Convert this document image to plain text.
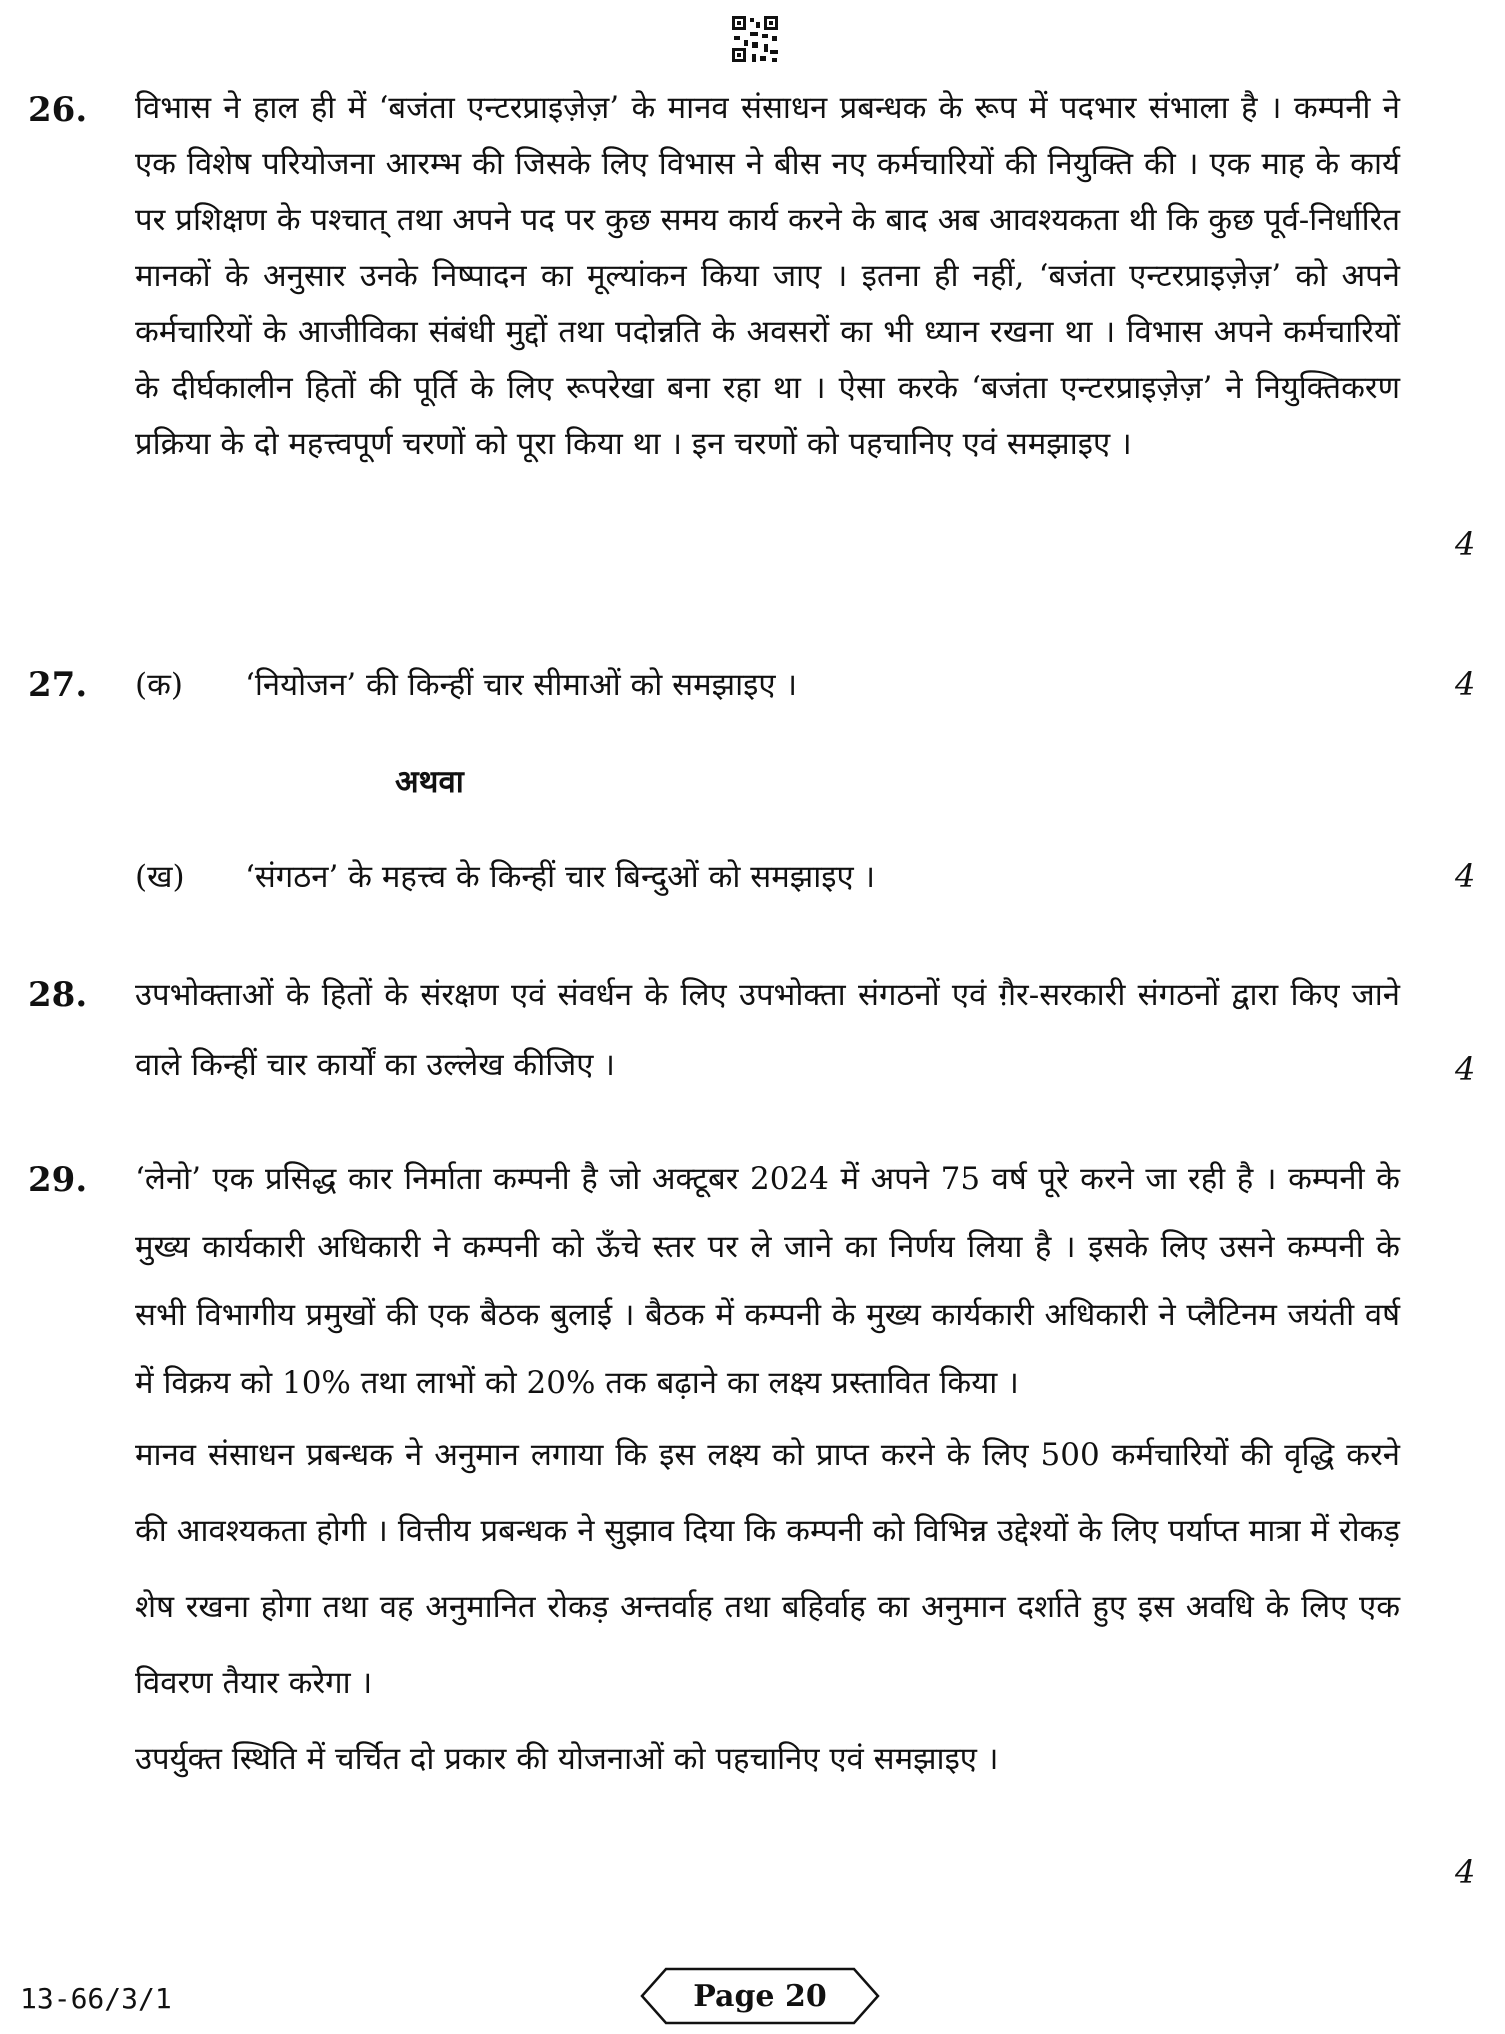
26. विभास ने हाल ही में ‘बजंता एन्टरप्राइज़ेज़’ के मानव संसाधन प्रबन्धक के रूप में पदभार संभाला है । कम्पनी ने एक विशेष परियोजना आरम्भ की जिसके लिए विभास ने बीस नए कर्मचारियों की नियुक्ति की । एक माह के कार्य पर प्रशिक्षण के पश्चात्‌ तथा अपने पद पर कुछ समय कार्य करने के बाद अब आवश्यकता थी कि कुछ पूर्व-निर्धारित मानकों के अनुसार उनके निष्पादन का मूल्यांकन किया जाए । इतना ही नहीं, ‘बजंता एन्टरप्राइज़ेज़’ को अपने कर्मचारियों के आजीविका संबंधी मुद्दों तथा पदोन्नति के अवसरों का भी ध्यान रखना था । विभास अपने कर्मचारियों के दीर्घकालीन हितों की पूर्ति के लिए रूपरेखा बना रहा था । ऐसा करके ‘बजंता एन्टरप्राइज़ेज़’ ने नियुक्तिकरण प्रक्रिया के दो महत्त्वपूर्ण चरणों को पूरा किया था । इन चरणों को पहचानिए एवं समझाइए ।

4
27. (क) ‘नियोजन’ की किन्हीं चार सीमाओं को समझाइए ।	4
अथवा
(ख) ‘संगठन’ के महत्त्व के किन्हीं चार बिन्दुओं को समझाइए ।	4
28. उपभोक्ताओं के हितों के संरक्षण एवं संवर्धन के लिए उपभोक्ता संगठनों एवं ग़ैर-सरकारी संगठनों द्वारा किए जाने वाले किन्हीं चार कार्यों का उल्लेख कीजिए ।	4
29. ‘लेनो’ एक प्रसिद्ध कार निर्माता कम्पनी है जो अक्टूबर 2024 में अपने 75 वर्ष पूरे करने जा रही है । कम्पनी के मुख्य कार्यकारी अधिकारी ने कम्पनी को ऊँचे स्तर पर ले जाने का निर्णय लिया है । इसके लिए उसने कम्पनी के सभी विभागीय प्रमुखों की एक बैठक बुलाई । बैठक में कम्पनी के मुख्य कार्यकारी अधिकारी ने प्लैटिनम जयंती वर्ष में विक्रय को 10% तथा लाभों को 20% तक बढ़ाने का लक्ष्य प्रस्तावित किया ।

मानव संसाधन प्रबन्धक ने अनुमान लगाया कि इस लक्ष्य को प्राप्त करने के लिए 500 कर्मचारियों की वृद्धि करने की आवश्यकता होगी । वित्तीय प्रबन्धक ने सुझाव दिया कि कम्पनी को विभिन्न उद्देश्यों के लिए पर्याप्त मात्रा में रोकड़ शेष रखना होगा तथा वह अनुमानित रोकड़ अन्तर्वाह तथा बहिर्वाह का अनुमान दर्शाते हुए इस अवधि के लिए एक विवरण तैयार करेगा ।

उपर्युक्त स्थिति में चर्चित दो प्रकार की योजनाओं को पहचानिए एवं समझाइए ।

4
13-66/3/1	Page 20
